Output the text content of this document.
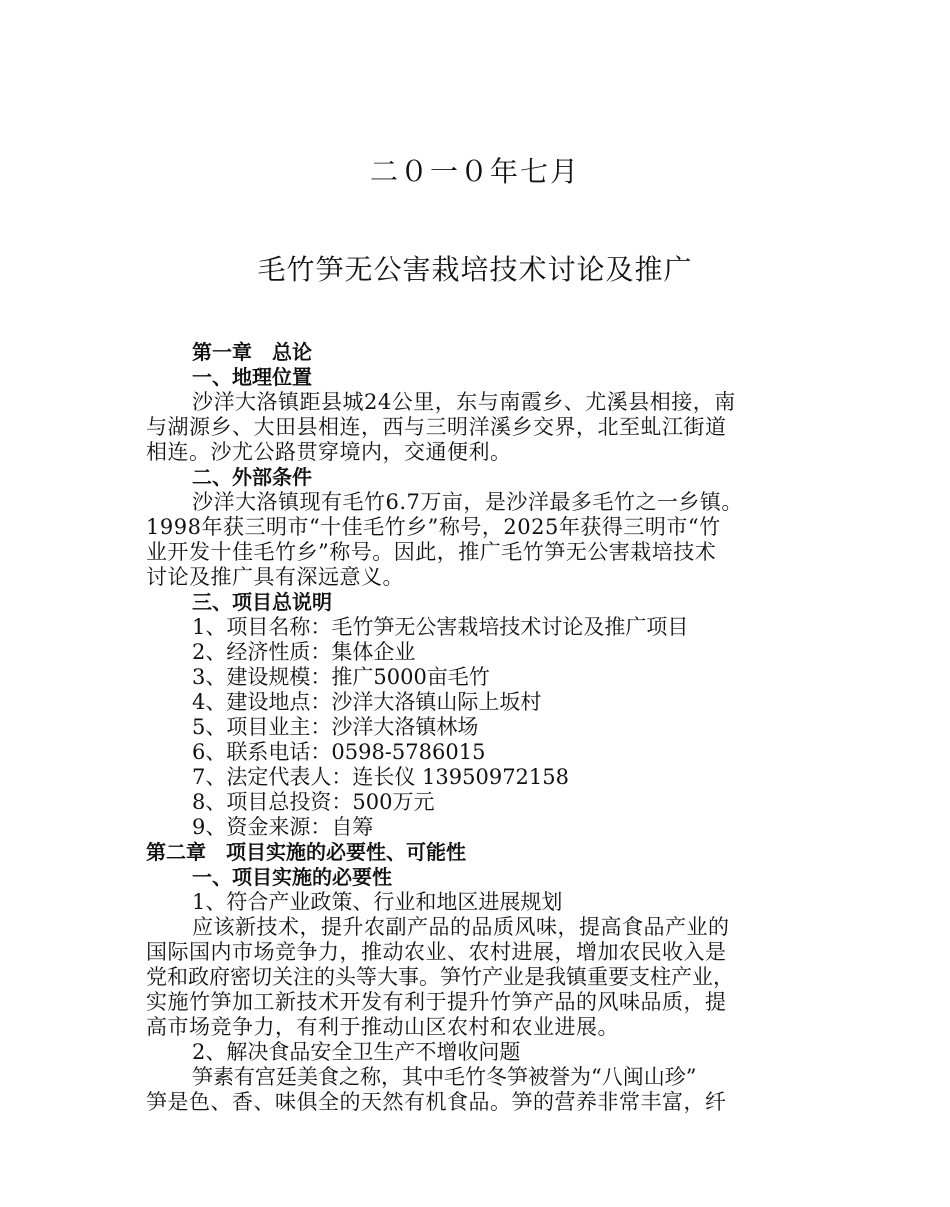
二０一０年七月
毛竹笋无公害栽培技术讨论及推广
第一章　总论
一、地理位置
沙洋大洛镇距县城24公里，东与南霞乡、尤溪县相接，南
与湖源乡、大田县相连，西与三明洋溪乡交界，北至虬江街道
相连。沙尤公路贯穿境内，交通便利。
二、外部条件
沙洋大洛镇现有毛竹6.7万亩，是沙洋最多毛竹之一乡镇。
1998年获三明市“十佳毛竹乡”称号，2025年获得三明市“竹
业开发十佳毛竹乡”称号。因此，推广毛竹笋无公害栽培技术
讨论及推广具有深远意义。
三、项目总说明
1、项目名称：毛竹笋无公害栽培技术讨论及推广项目
2、经济性质：集体企业
3、建设规模：推广5000亩毛竹
4、建设地点：沙洋大洛镇山际上坂村
5、项目业主：沙洋大洛镇林场
6、联系电话：0598-5786015
7、法定代表人：连长仪 13950972158
8、项目总投资：500万元
9、资金来源：自筹
第二章　项目实施的必要性、可能性
一、项目实施的必要性
1、符合产业政策、行业和地区进展规划
应该新技术，提升农副产品的品质风味，提高食品产业的
国际国内市场竞争力，推动农业、农村进展，增加农民收入是
党和政府密切关注的头等大事。笋竹产业是我镇重要支柱产业，
实施竹笋加工新技术开发有利于提升竹笋产品的风味品质，提
高市场竞争力，有利于推动山区农村和农业进展。
2、解决食品安全卫生产不增收问题
笋素有宫廷美食之称，其中毛竹冬笋被誉为“八闽山珍”
笋是色、香、味俱全的天然有机食品。笋的营养非常丰富，纤
